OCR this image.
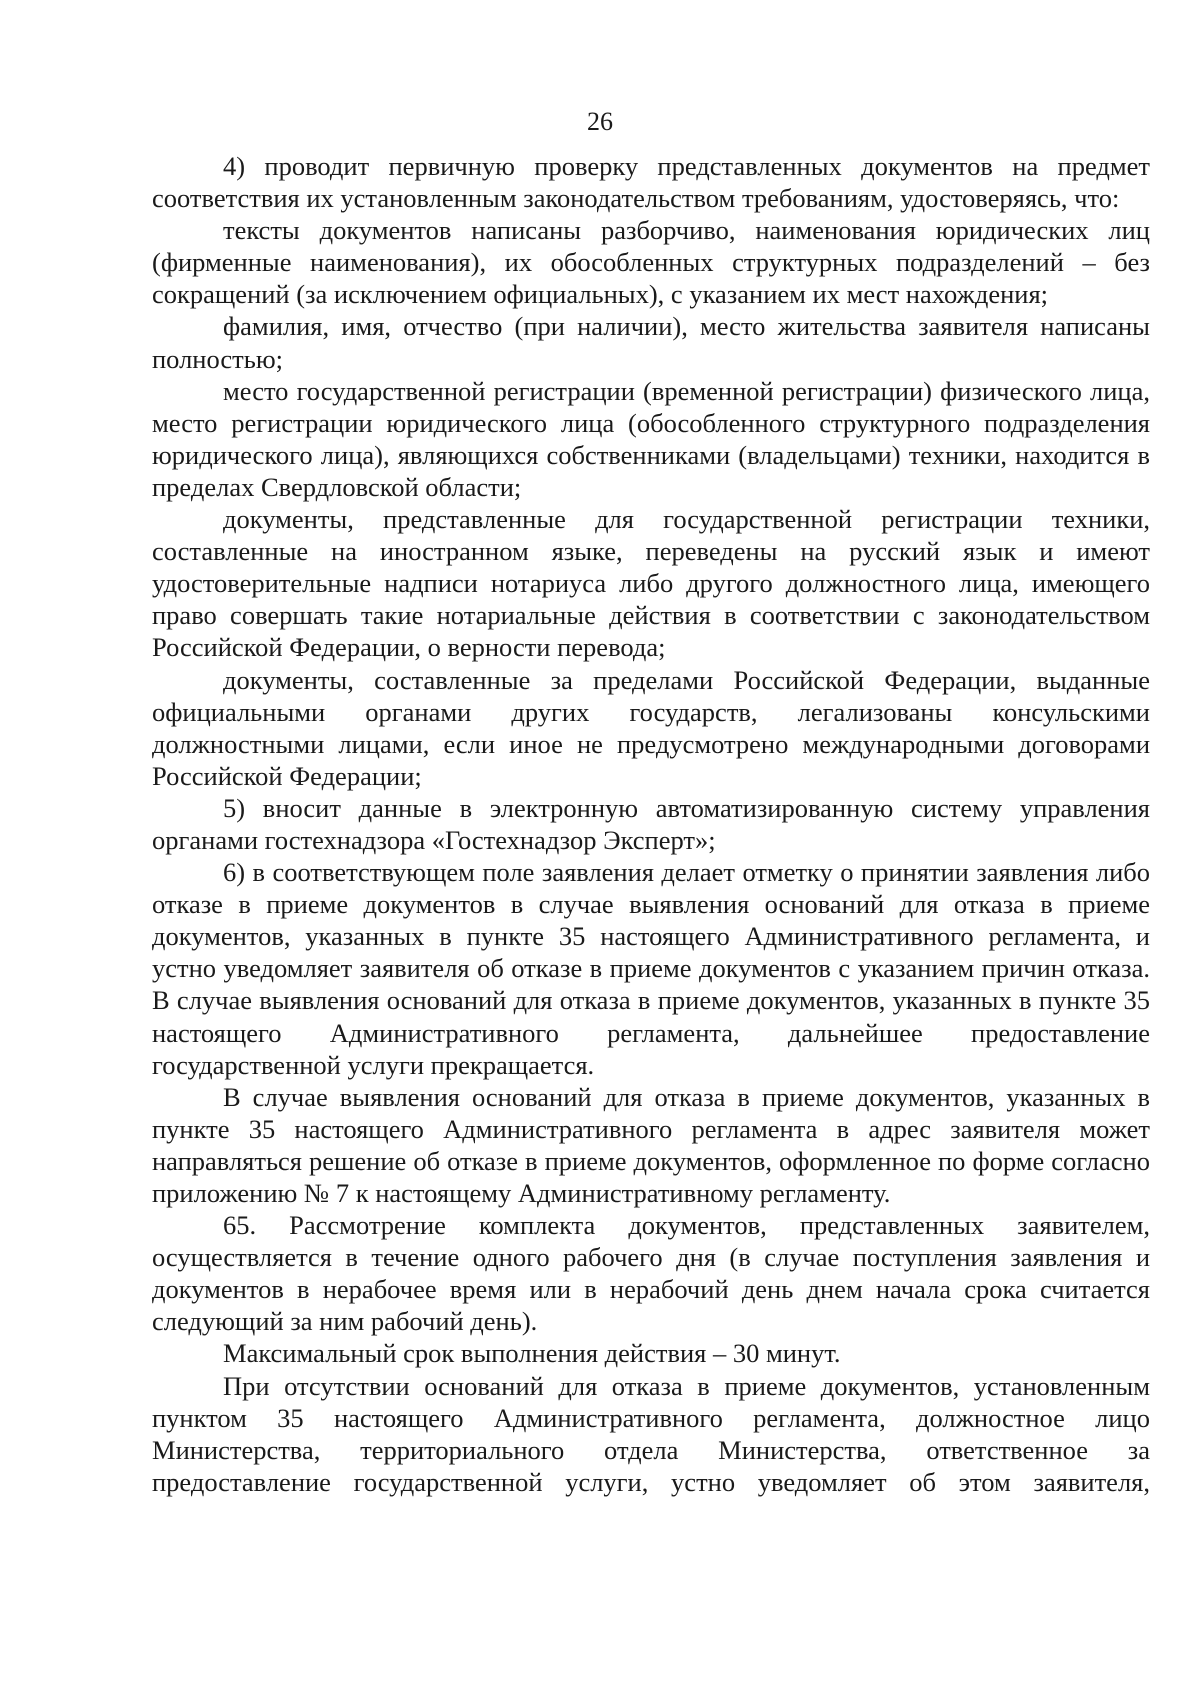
26

4) проводит первичную проверку представленных документов на предмет соответствия их установленным законодательством требованиям, удостоверяясь, что:

тексты документов написаны разборчиво, наименования юридических лиц (фирменные наименования), их обособленных структурных подразделений – без сокращений (за исключением официальных), с указанием их мест нахождения;

фамилия, имя, отчество (при наличии), место жительства заявителя написаны полностью;

место государственной регистрации (временной регистрации) физического лица, место регистрации юридического лица (обособленного структурного подразделения юридического лица), являющихся собственниками (владельцами) техники, находится в пределах Свердловской области;

документы, представленные для государственной регистрации техники, составленные на иностранном языке, переведены на русский язык и имеют удостоверительные надписи нотариуса либо другого должностного лица, имеющего право совершать такие нотариальные действия в соответствии с законодательством Российской Федерации, о верности перевода;

документы, составленные за пределами Российской Федерации, выданные официальными органами других государств, легализованы консульскими должностными лицами, если иное не предусмотрено международными договорами Российской Федерации;

5) вносит данные в электронную автоматизированную систему управления органами гостехнадзора «Гостехнадзор Эксперт»;

6) в соответствующем поле заявления делает отметку о принятии заявления либо отказе в приеме документов в случае выявления оснований для отказа в приеме документов, указанных в пункте 35 настоящего Административного регламента, и устно уведомляет заявителя об отказе в приеме документов с указанием причин отказа. В случае выявления оснований для отказа в приеме документов, указанных в пункте 35 настоящего Административного регламента, дальнейшее предоставление государственной услуги прекращается.

В случае выявления оснований для отказа в приеме документов, указанных в пункте 35 настоящего Административного регламента в адрес заявителя может направляться решение об отказе в приеме документов, оформленное по форме согласно приложению № 7 к настоящему Административному регламенту.

65. Рассмотрение комплекта документов, представленных заявителем, осуществляется в течение одного рабочего дня (в случае поступления заявления и документов в нерабочее время или в нерабочий день днем начала срока считается следующий за ним рабочий день).

Максимальный срок выполнения действия – 30 минут.

При отсутствии оснований для отказа в приеме документов, установленным пунктом 35 настоящего Административного регламента, должностное лицо Министерства, территориального отдела Министерства, ответственное за предоставление государственной услуги, устно уведомляет об этом заявителя,
